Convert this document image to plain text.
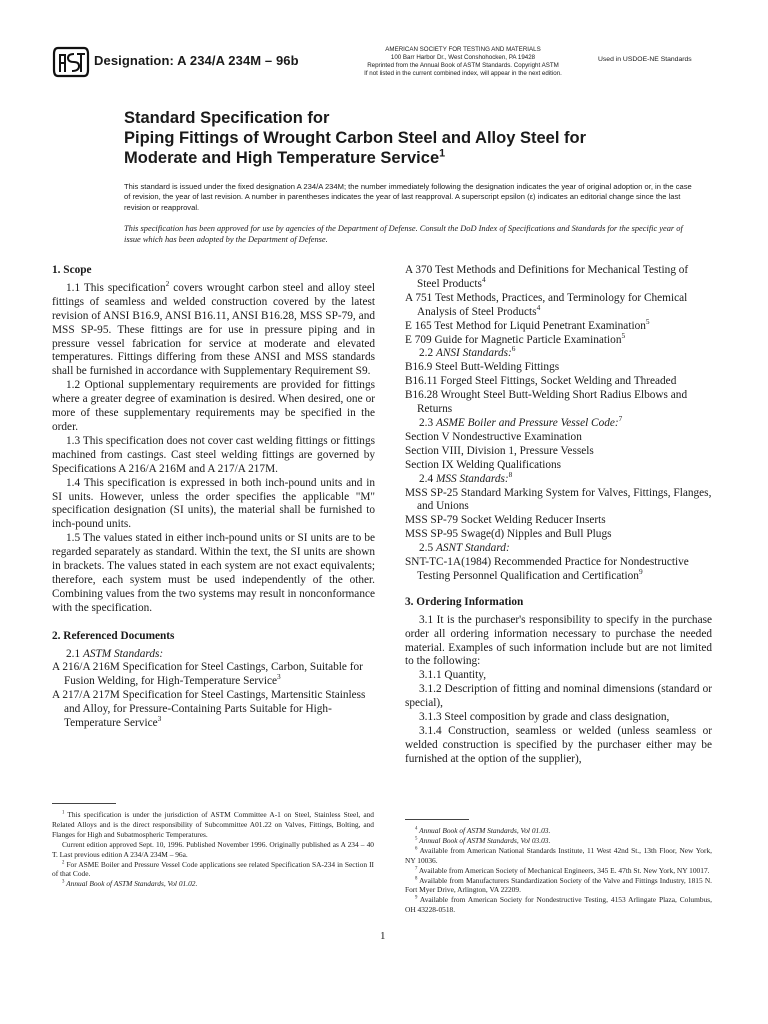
Designation: A 234/A 234M – 96b
AMERICAN SOCIETY FOR TESTING AND MATERIALS
100 Barr Harbor Dr., West Conshohocken, PA 19428
Reprinted from the Annual Book of ASTM Standards. Copyright ASTM
If not listed in the current combined index, will appear in the next edition.
Used in USDOE-NE Standards
Standard Specification for
Piping Fittings of Wrought Carbon Steel and Alloy Steel for
Moderate and High Temperature Service$^1$
This standard is issued under the fixed designation A 234/A 234M; the number immediately following the designation indicates the year of original adoption or, in the case of revision, the year of last revision. A number in parentheses indicates the year of last reapproval. A superscript epsilon (ε) indicates an editorial change since the last revision or reapproval.
This specification has been approved for use by agencies of the Department of Defense. Consult the DoD Index of Specifications and Standards for the specific year of issue which has been adopted by the Department of Defense.
1. Scope

1.1 This specification$^2$ covers wrought carbon steel and alloy steel fittings of seamless and welded construction covered by the latest revision of ANSI B16.9, ANSI B16.11, ANSI B16.28, MSS SP-79, and MSS SP-95. These fittings are for use in pressure piping and in pressure vessel fabrication for service at moderate and elevated temperatures. Fittings differing from these ANSI and MSS standards shall be furnished in accordance with Supplementary Requirement S9.

1.2 Optional supplementary requirements are provided for fittings where a greater degree of examination is desired. When desired, one or more of these supplementary requirements may be specified in the order.

1.3 This specification does not cover cast welding fittings or fittings machined from castings. Cast steel welding fittings are governed by Specifications A 216/A 216M and A 217/A 217M.

1.4 This specification is expressed in both inch-pound units and in SI units. However, unless the order specifies the applicable "M" specification designation (SI units), the material shall be furnished to inch-pound units.

1.5 The values stated in either inch-pound units or SI units are to be regarded separately as standard. Within the text, the SI units are shown in brackets. The values stated in each system are not exact equivalents; therefore, each system must be used independently of the other. Combining values from the two systems may result in nonconformance with the specification.

2. Referenced Documents

2.1 ASTM Standards:

A 216/A 216M Specification for Steel Castings, Carbon, Suitable for Fusion Welding, for High-Temperature Service$^3$

A 217/A 217M Specification for Steel Castings, Martensitic Stainless and Alloy, for Pressure-Containing Parts Suitable for High-Temperature Service$^3$

A 370 Test Methods and Definitions for Mechanical Testing of Steel Products$^4$

A 751 Test Methods, Practices, and Terminology for Chemical Analysis of Steel Products$^4$

E 165 Test Method for Liquid Penetrant Examination$^5$

E 709 Guide for Magnetic Particle Examination$^5$

2.2 ANSI Standards:$^6$

B16.9 Steel Butt-Welding Fittings

B16.11 Forged Steel Fittings, Socket Welding and Threaded

B16.28 Wrought Steel Butt-Welding Short Radius Elbows and Returns

2.3 ASME Boiler and Pressure Vessel Code:$^7$

Section V Nondestructive Examination

Section VIII, Division 1, Pressure Vessels

Section IX Welding Qualifications

2.4 MSS Standards:$^8$

MSS SP-25 Standard Marking System for Valves, Fittings, Flanges, and Unions

MSS SP-79 Socket Welding Reducer Inserts

MSS SP-95 Swage(d) Nipples and Bull Plugs

2.5 ASNT Standard:

SNT-TC-1A(1984) Recommended Practice for Nondestructive Testing Personnel Qualification and Certification$^9$

3. Ordering Information

3.1 It is the purchaser's responsibility to specify in the purchase order all ordering information necessary to purchase the needed material. Examples of such information include but are not limited to the following:

3.1.1 Quantity,

3.1.2 Description of fitting and nominal dimensions (standard or special),

3.1.3 Steel composition by grade and class designation,

3.1.4 Construction, seamless or welded (unless seamless or welded construction is specified by the purchaser either may be furnished at the option of the supplier),

$^1$ This specification is under the jurisdiction of ASTM Committee A-1 on Steel, Stainless Steel, and Related Alloys and is the direct responsibility of Subcommittee A01.22 on Valves, Fittings, Bolting, and Flanges for High and Subatmospheric Temperatures.

Current edition approved Sept. 10, 1996. Published November 1996. Originally published as A 234 – 40 T. Last previous edition A 234/A 234M – 96a.

$^2$ For ASME Boiler and Pressure Vessel Code applications see related Specification SA-234 in Section II of that Code.

$^3$ Annual Book of ASTM Standards, Vol 01.02.

$^4$ Annual Book of ASTM Standards, Vol 01.03.

$^5$ Annual Book of ASTM Standards, Vol 03.03.

$^6$ Available from American National Standards Institute, 11 West 42nd St., 13th Floor, New York, NY 10036.

$^7$ Available from American Society of Mechanical Engineers, 345 E. 47th St. New York, NY 10017.

$^8$ Available from Manufacturers Standardization Society of the Valve and Fittings Industry, 1815 N. Fort Myer Drive, Arlington, VA 22209.

$^9$ Available from American Society for Nondestructive Testing, 4153 Arlingate Plaza, Columbus, OH 43228-0518.

1
